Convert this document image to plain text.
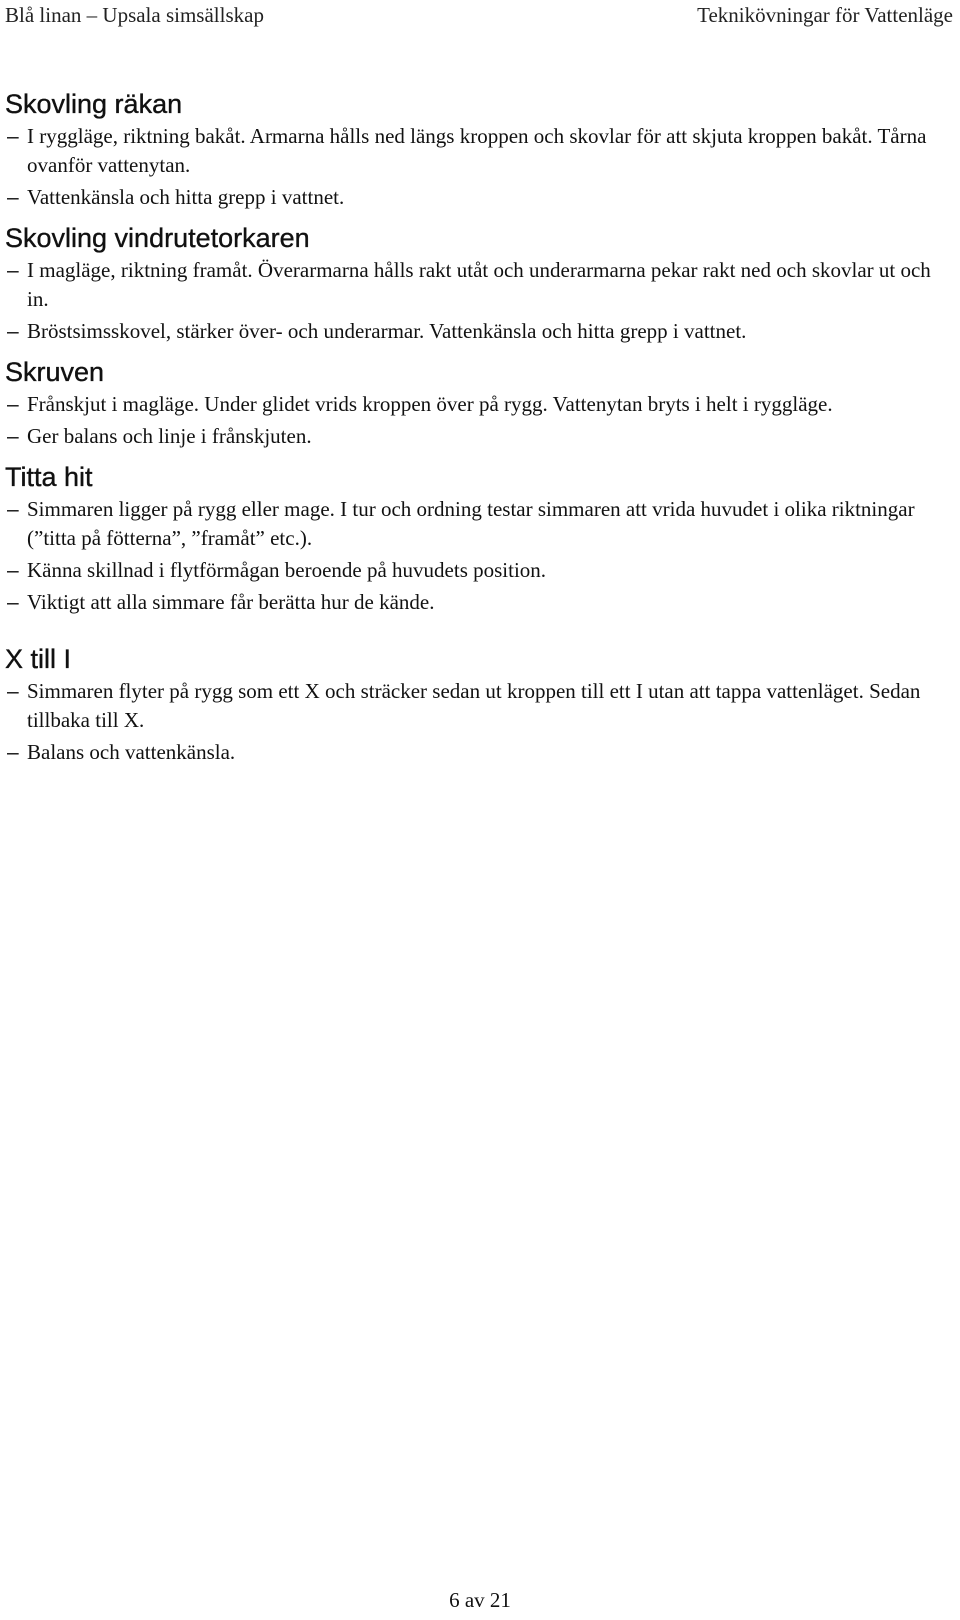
Blå linan – Upsala simsällskap	Teknikövningar för Vattenläge
Skovling räkan
– I ryggläge, riktning bakåt. Armarna hålls ned längs kroppen och skovlar för att skjuta kroppen bakåt. Tårna ovanför vattenytan.
– Vattenkänsla och hitta grepp i vattnet.
Skovling vindrutetorkaren
– I magläge, riktning framåt. Överarmarna hålls rakt utåt och underarmarna pekar rakt ned och skovlar ut och in.
– Bröstsimsskovel, stärker över- och underarmar. Vattenkänsla och hitta grepp i vattnet.
Skruven
– Frånskjut i magläge. Under glidet vrids kroppen över på rygg. Vattenytan bryts i helt i ryggläge.
– Ger balans och linje i frånskjuten.
Titta hit
– Simmaren ligger på rygg eller mage. I tur och ordning testar simmaren att vrida huvudet i olika riktningar (”titta på fötterna”, ”framåt” etc.).
– Känna skillnad i flytförmågan beroende på huvudets position.
– Viktigt att alla simmare får berätta hur de kände.
X till I
– Simmaren flyter på rygg som ett X och sträcker sedan ut kroppen till ett I utan att tappa vattenläget. Sedan tillbaka till X.
– Balans och vattenkänsla.
6 av 21
